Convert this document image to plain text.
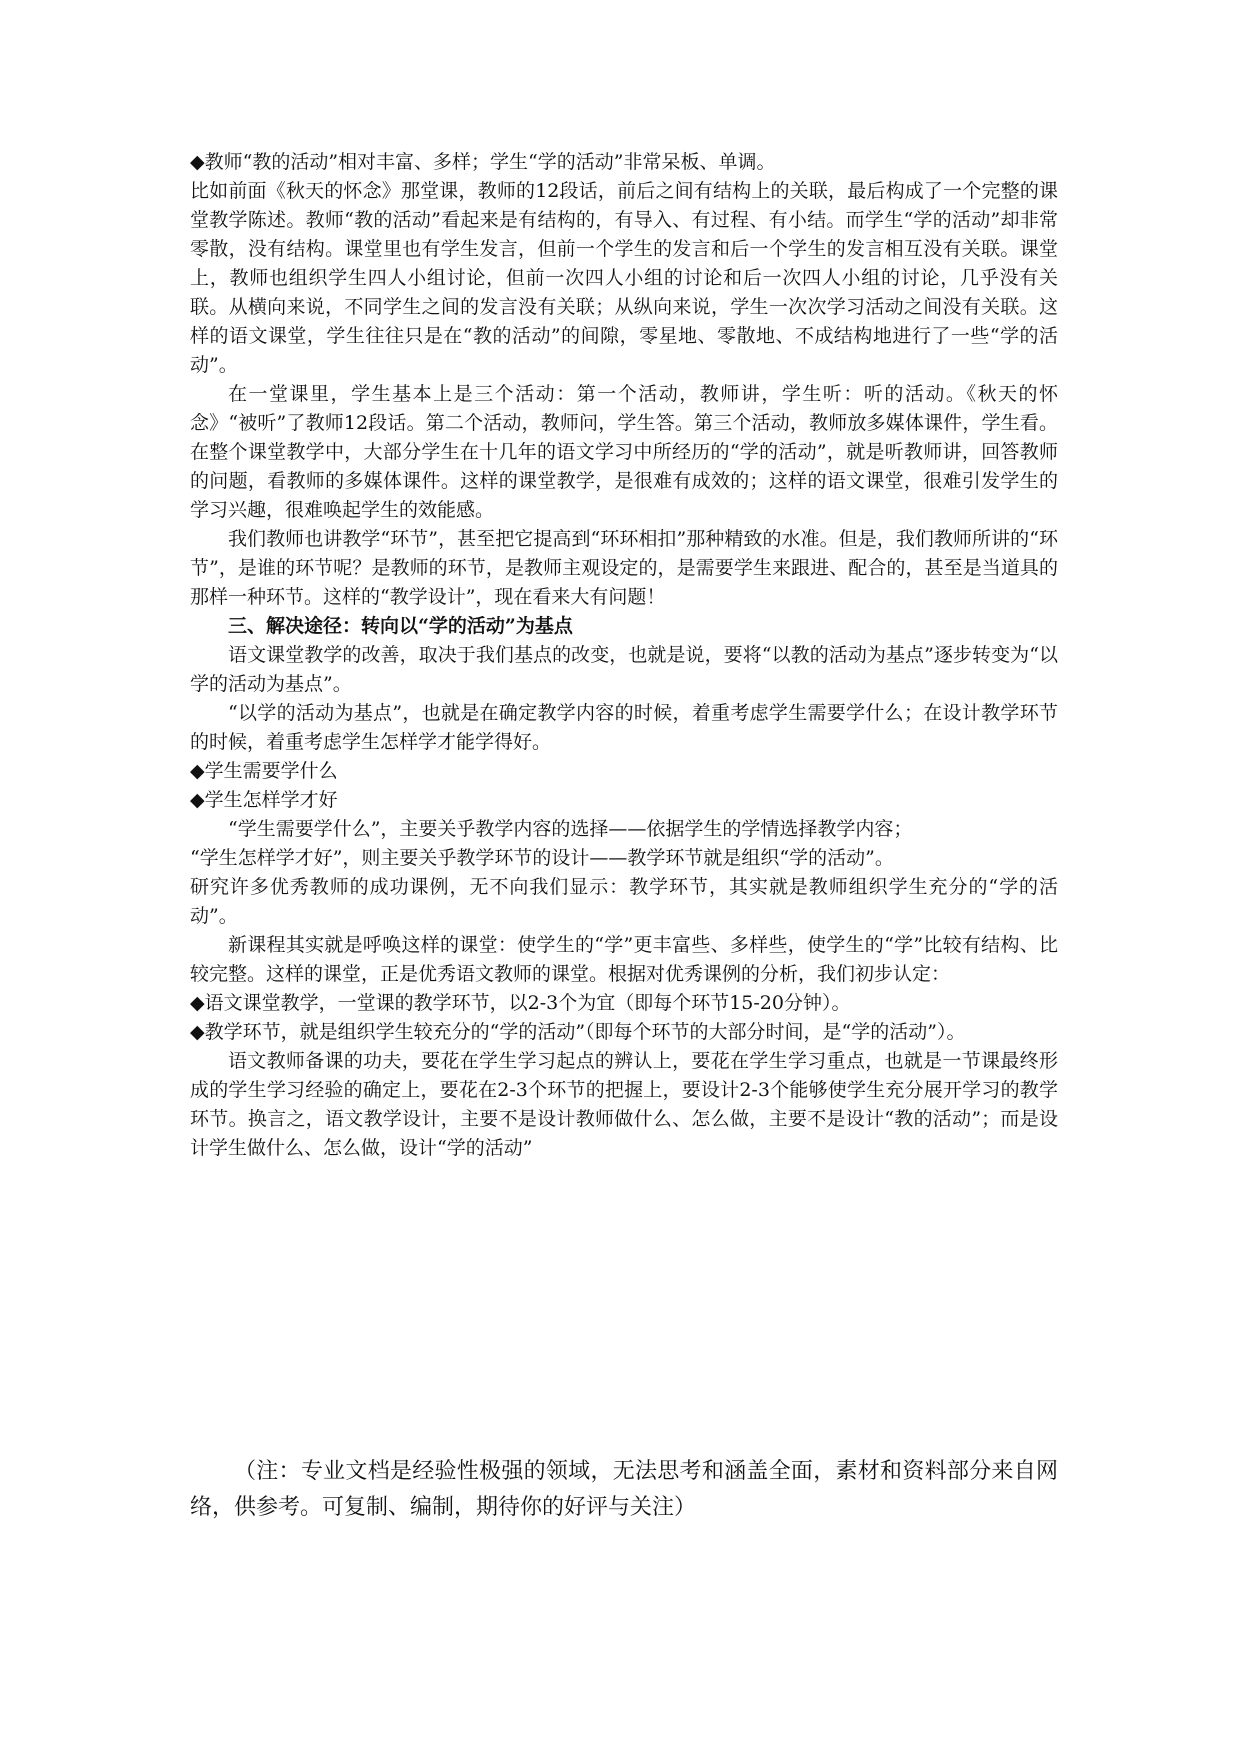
◆教师“教的活动”相对丰富、多样；学生“学的活动”非常呆板、单调。

比如前面《秋天的怀念》那堂课，教师的12段话，前后之间有结构上的关联，最后构成了一个完整的课堂教学陈述。教师“教的活动”看起来是有结构的，有导入、有过程、有小结。而学生“学的活动”却非常零散，没有结构。课堂里也有学生发言，但前一个学生的发言和后一个学生的发言相互没有关联。课堂上，教师也组织学生四人小组讨论，但前一次四人小组的讨论和后一次四人小组的讨论，几乎没有关联。从横向来说，不同学生之间的发言没有关联；从纵向来说，学生一次次学习活动之间没有关联。这样的语文课堂，学生往往只是在“教的活动”的间隙，零星地、零散地、不成结构地进行了一些“学的活动”。

在一堂课里，学生基本上是三个活动：第一个活动，教师讲，学生听：听的活动。《秋天的怀念》“被听”了教师12段话。第二个活动，教师问，学生答。第三个活动，教师放多媒体课件，学生看。在整个课堂教学中，大部分学生在十几年的语文学习中所经历的“学的活动”，就是听教师讲，回答教师的问题，看教师的多媒体课件。这样的课堂教学，是很难有成效的；这样的语文课堂，很难引发学生的学习兴趣，很难唤起学生的效能感。

我们教师也讲教学“环节”，甚至把它提高到“环环相扣”那种精致的水准。但是，我们教师所讲的“环节”，是谁的环节呢？是教师的环节，是教师主观设定的，是需要学生来跟进、配合的，甚至是当道具的那样一种环节。这样的“教学设计”，现在看来大有问题！

三、解决途径：转向以“学的活动”为基点

语文课堂教学的改善，取决于我们基点的改变，也就是说，要将“以教的活动为基点”逐步转变为“以学的活动为基点”。

“以学的活动为基点”，也就是在确定教学内容的时候，着重考虑学生需要学什么；在设计教学环节的时候，着重考虑学生怎样学才能学得好。

◆学生需要学什么

◆学生怎样学才好

“学生需要学什么”，主要关乎教学内容的选择——依据学生的学情选择教学内容；

“学生怎样学才好”，则主要关乎教学环节的设计——教学环节就是组织“学的活动”。

研究许多优秀教师的成功课例，无不向我们显示：教学环节，其实就是教师组织学生充分的“学的活动”。

新课程其实就是呼唤这样的课堂：使学生的“学”更丰富些、多样些，使学生的“学”比较有结构、比较完整。这样的课堂，正是优秀语文教师的课堂。根据对优秀课例的分析，我们初步认定：

◆语文课堂教学，一堂课的教学环节，以2-3个为宜（即每个环节15-20分钟）。

◆教学环节，就是组织学生较充分的“学的活动”（即每个环节的大部分时间，是“学的活动”）。

语文教师备课的功夫，要花在学生学习起点的辨认上，要花在学生学习重点，也就是一节课最终形成的学生学习经验的确定上，要花在2-3个环节的把握上，要设计2-3个能够使学生充分展开学习的教学环节。换言之，语文教学设计，主要不是设计教师做什么、怎么做，主要不是设计“教的活动”；而是设计学生做什么、怎么做，设计“学的活动”

（注：专业文档是经验性极强的领域，无法思考和涵盖全面，素材和资料部分来自网络，供参考。可复制、编制，期待你的好评与关注）
